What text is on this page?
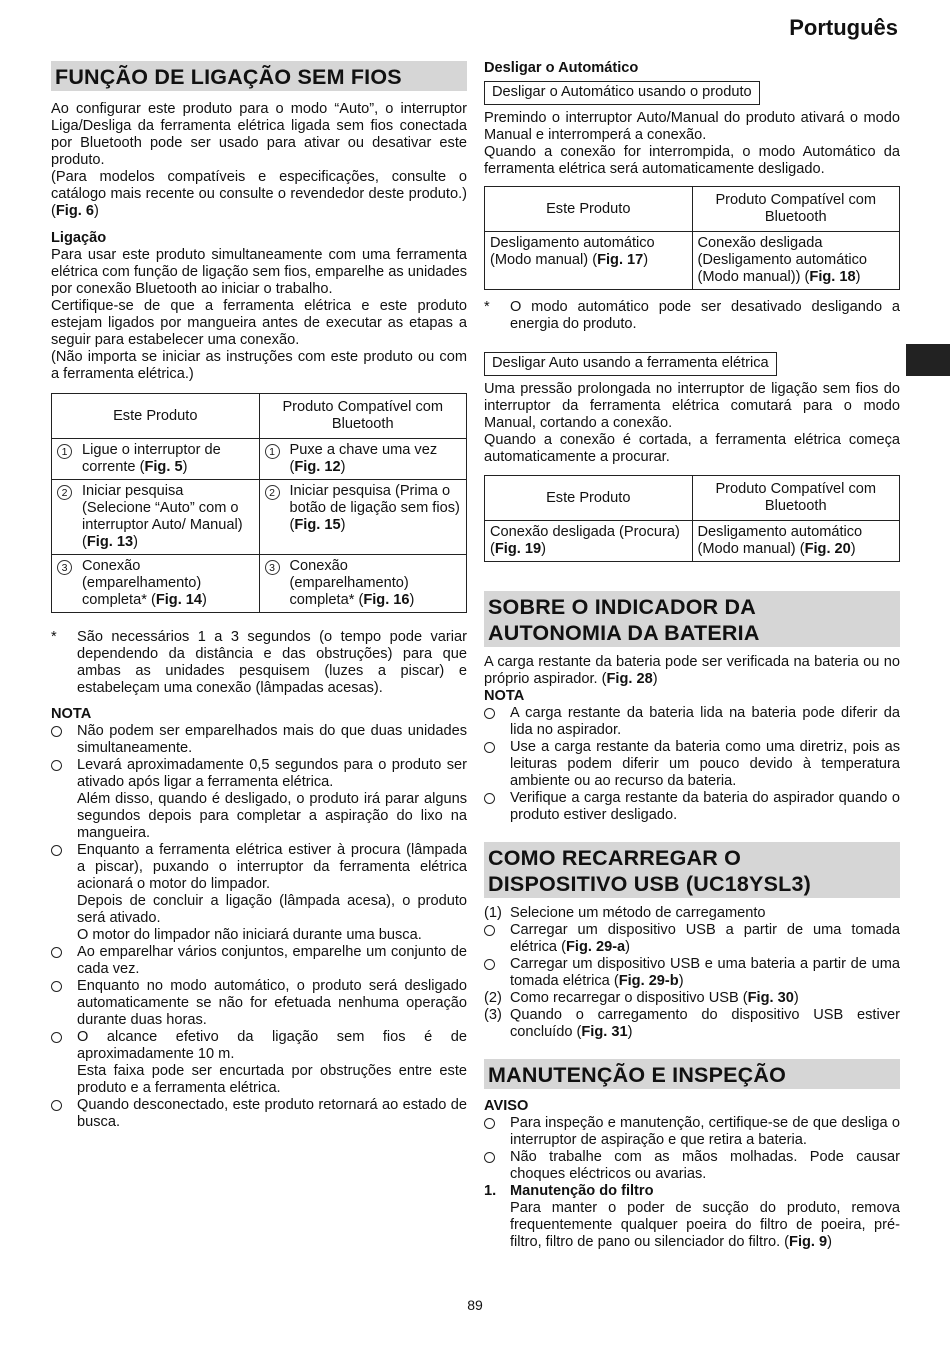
Português
FUNÇÃO DE LIGAÇÃO SEM FIOS

Ao configurar este produto para o modo “Auto”, o interruptor Liga/Desliga da ferramenta elétrica ligada sem fios conectada por Bluetooth pode ser usado para ativar ou desativar este produto.

(Para modelos compatíveis e especificações, consulte o catálogo mais recente ou consulte o revendedor deste produto.) (Fig. 6)

Ligação

Para usar este produto simultaneamente com uma ferramenta elétrica com função de ligação sem fios, emparelhe as unidades por conexão Bluetooth ao iniciar o trabalho.

Certifique-se de que a ferramenta elétrica e este produto estejam ligados por mangueira antes de executar as etapas a seguir para estabelecer uma conexão.

(Não importa se iniciar as instruções com este produto ou com a ferramenta elétrica.)

Este Produto	Produto Compatível com Bluetooth

1 Ligue o interruptor de corrente (Fig. 5)	1 Puxe a chave uma vez (Fig. 12)

2 Iniciar pesquisa (Selecione “Auto” com o interruptor Auto/ Manual) (Fig. 13)	2 Iniciar pesquisa (Prima o botão de ligação sem fios) (Fig. 15)

3 Conexão (emparelhamento) completa* (Fig. 14)	3 Conexão (emparelhamento) completa* (Fig. 16)
*	São necessários 1 a 3 segundos (o tempo pode variar dependendo da distância e das obstruções) para que ambas as unidades pesquisem (luzes a piscar) e estabeleçam uma conexão (lâmpadas acesas).
NOTA
Não podem ser emparelhados mais do que duas unidades simultaneamente.
Levará aproximadamente 0,5 segundos para o produto ser ativado após ligar a ferramenta elétrica.
Além disso, quando é desligado, o produto irá parar alguns segundos depois para completar a aspiração do lixo na mangueira.
Enquanto a ferramenta elétrica estiver à procura (lâmpada a piscar), puxando o interruptor da ferramenta elétrica acionará o motor do limpador.
Depois de concluir a ligação (lâmpada acesa), o produto será ativado.
O motor do limpador não iniciará durante uma busca.
Ao emparelhar vários conjuntos, emparelhe um conjunto de cada vez.
Enquanto no modo automático, o produto será desligado automaticamente se não for efetuada nenhuma operação durante duas horas.
O alcance efetivo da ligação sem fios é de aproximadamente 10 m.
Esta faixa pode ser encurtada por obstruções entre este produto e a ferramenta elétrica.
Quando desconectado, este produto retornará ao estado de busca.
Desligar o Automático
Desligar o Automático usando o produto

Premindo o interruptor Auto/Manual do produto ativará o modo Manual e interromperá a conexão.

Quando a conexão for interrompida, o modo Automático da ferramenta elétrica será automaticamente desligado.

Este Produto	Produto Compatível com Bluetooth
Desligamento automático (Modo manual) (Fig. 17)	Conexão desligada (Desligamento automático (Modo manual)) (Fig. 18)
*	O modo automático pode ser desativado desligando a energia do produto.
Desligar Auto usando a ferramenta elétrica

Uma pressão prolongada no interruptor de ligação sem fios do interruptor da ferramenta elétrica comutará para o modo Manual, cortando a conexão.

Quando a conexão é cortada, a ferramenta elétrica começa automaticamente a procurar.

Este Produto	Produto Compatível com Bluetooth
Conexão desligada (Procura) (Fig. 19)	Desligamento automático (Modo manual) (Fig. 20)
SOBRE O INDICADOR DA
AUTONOMIA DA BATERIA

A carga restante da bateria pode ser verificada na bateria ou no próprio aspirador. (Fig. 28)

NOTA
A carga restante da bateria lida na bateria pode diferir da lida no aspirador.
Use a carga restante da bateria como uma diretriz, pois as leituras podem diferir um pouco devido à temperatura ambiente ou ao recurso da bateria.
Verifique a carga restante da bateria do aspirador quando o produto estiver desligado.
COMO RECARREGAR O
DISPOSITIVO USB (UC18YSL3)
(1) Selecione um método de carregamento
Carregar um dispositivo USB a partir de uma tomada elétrica (Fig. 29-a)
Carregar um dispositivo USB e uma bateria a partir de uma tomada elétrica (Fig. 29-b)
(2) Como recarregar o dispositivo USB (Fig. 30)
(3) Quando o carregamento do dispositivo USB estiver concluído (Fig. 31)
MANUTENÇÃO E INSPEÇÃO
AVISO
Para inspeção e manutenção, certifique-se de que desliga o interruptor de aspiração e que retira a bateria.
Não trabalhe com as mãos molhadas. Pode causar choques eléctricos ou avarias.
1. Manutenção do filtro
Para manter o poder de sucção do produto, remova frequentemente qualquer poeira do filtro de poeira, pré-filtro, filtro de pano ou silenciador do filtro. (Fig. 9)
89
